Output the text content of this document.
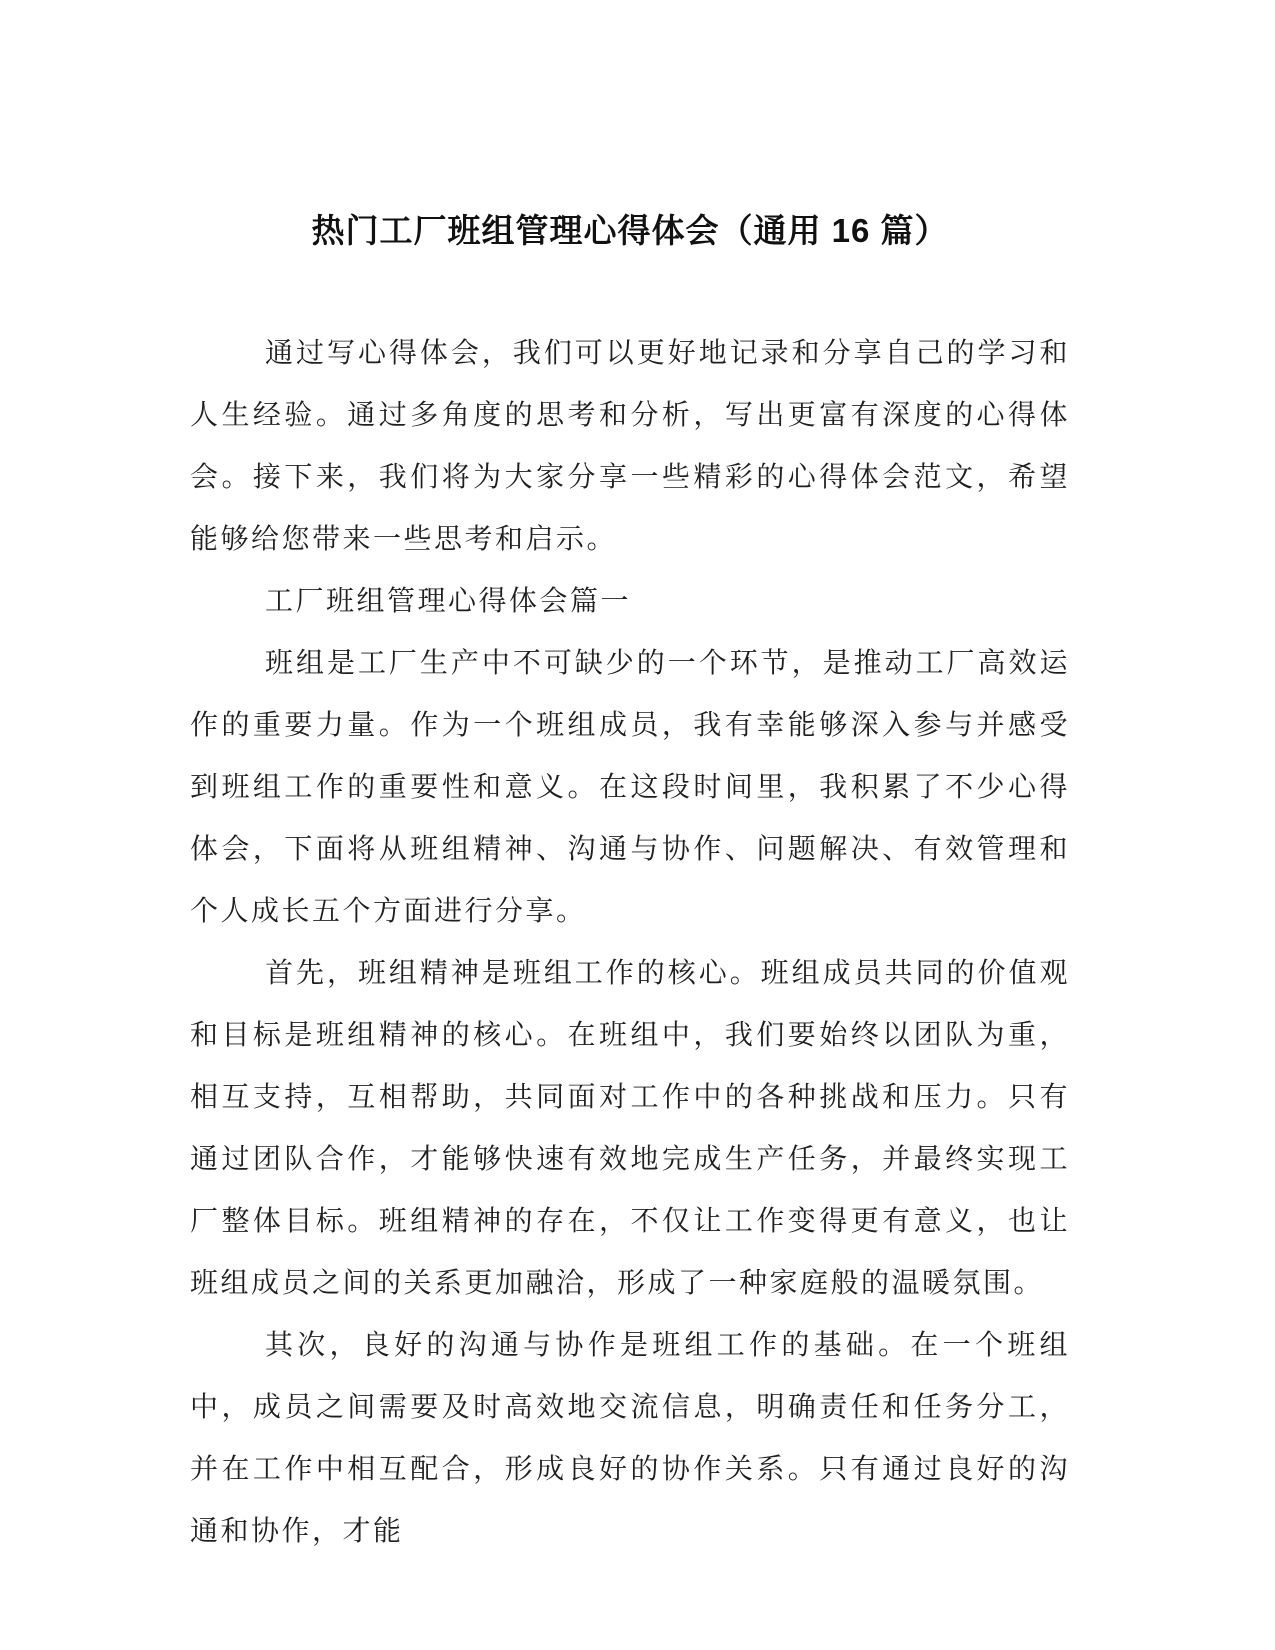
热门工厂班组管理心得体会（通用 16 篇）

通过写心得体会，我们可以更好地记录和分享自己的学习和人生经验。通过多角度的思考和分析，写出更富有深度的心得体会。接下来，我们将为大家分享一些精彩的心得体会范文，希望能够给您带来一些思考和启示。

工厂班组管理心得体会篇一

班组是工厂生产中不可缺少的一个环节，是推动工厂高效运作的重要力量。作为一个班组成员，我有幸能够深入参与并感受到班组工作的重要性和意义。在这段时间里，我积累了不少心得体会，下面将从班组精神、沟通与协作、问题解决、有效管理和个人成长五个方面进行分享。

首先，班组精神是班组工作的核心。班组成员共同的价值观和目标是班组精神的核心。在班组中，我们要始终以团队为重，相互支持，互相帮助，共同面对工作中的各种挑战和压力。只有通过团队合作，才能够快速有效地完成生产任务，并最终实现工厂整体目标。班组精神的存在，不仅让工作变得更有意义，也让班组成员之间的关系更加融洽，形成了一种家庭般的温暖氛围。

其次，良好的沟通与协作是班组工作的基础。在一个班组中，成员之间需要及时高效地交流信息，明确责任和任务分工，并在工作中相互配合，形成良好的协作关系。只有通过良好的沟通和协作，才能
